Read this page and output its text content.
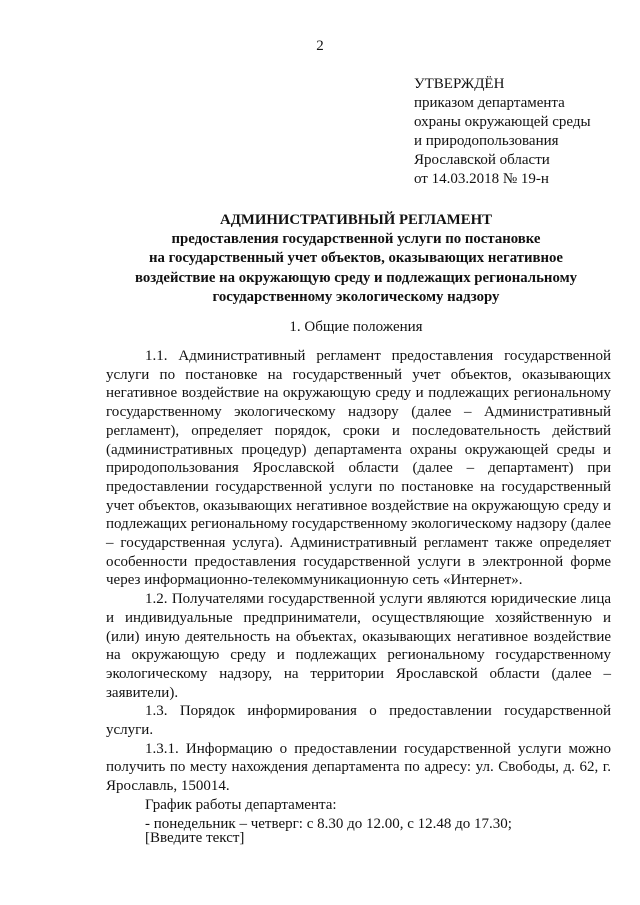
2
УТВЕРЖДЁН
приказом департамента
охраны окружающей среды
и природопользования
Ярославской области
от 14.03.2018 № 19-н
АДМИНИСТРАТИВНЫЙ РЕГЛАМЕНТ
предоставления государственной услуги по постановке
на государственный учет объектов, оказывающих негативное
воздействие на окружающую среду и подлежащих региональному
государственному экологическому надзору
1. Общие положения

1.1. Административный регламент предоставления государственной услуги по постановке на государственный учет объектов, оказывающих негативное воздействие на окружающую среду и подлежащих региональному государственному экологическому надзору (далее – Административный регламент), определяет порядок, сроки и последовательность действий (административных процедур) департамента охраны окружающей среды и природопользования Ярославской области (далее – департамент) при предоставлении государственной услуги по постановке на государственный учет объектов, оказывающих негативное воздействие на окружающую среду и подлежащих региональному государственному экологическому надзору (далее – государственная услуга). Административный регламент также определяет особенности предоставления государственной услуги в электронной форме через информационно-телекоммуникационную сеть «Интернет».

1.2. Получателями государственной услуги являются юридические лица и индивидуальные предприниматели, осуществляющие хозяйственную и (или) иную деятельность на объектах, оказывающих негативное воздействие на окружающую среду и подлежащих региональному государственному экологическому надзору, на территории Ярославской области (далее – заявители).

1.3. Порядок информирования о предоставлении государственной услуги.

1.3.1. Информацию о предоставлении государственной услуги можно получить по месту нахождения департамента по адресу: ул. Свободы, д. 62, г. Ярославль, 150014.

График работы департамента:

- понедельник – четверг: с 8.30 до 12.00, с 12.48 до 17.30;

[Введите текст]
